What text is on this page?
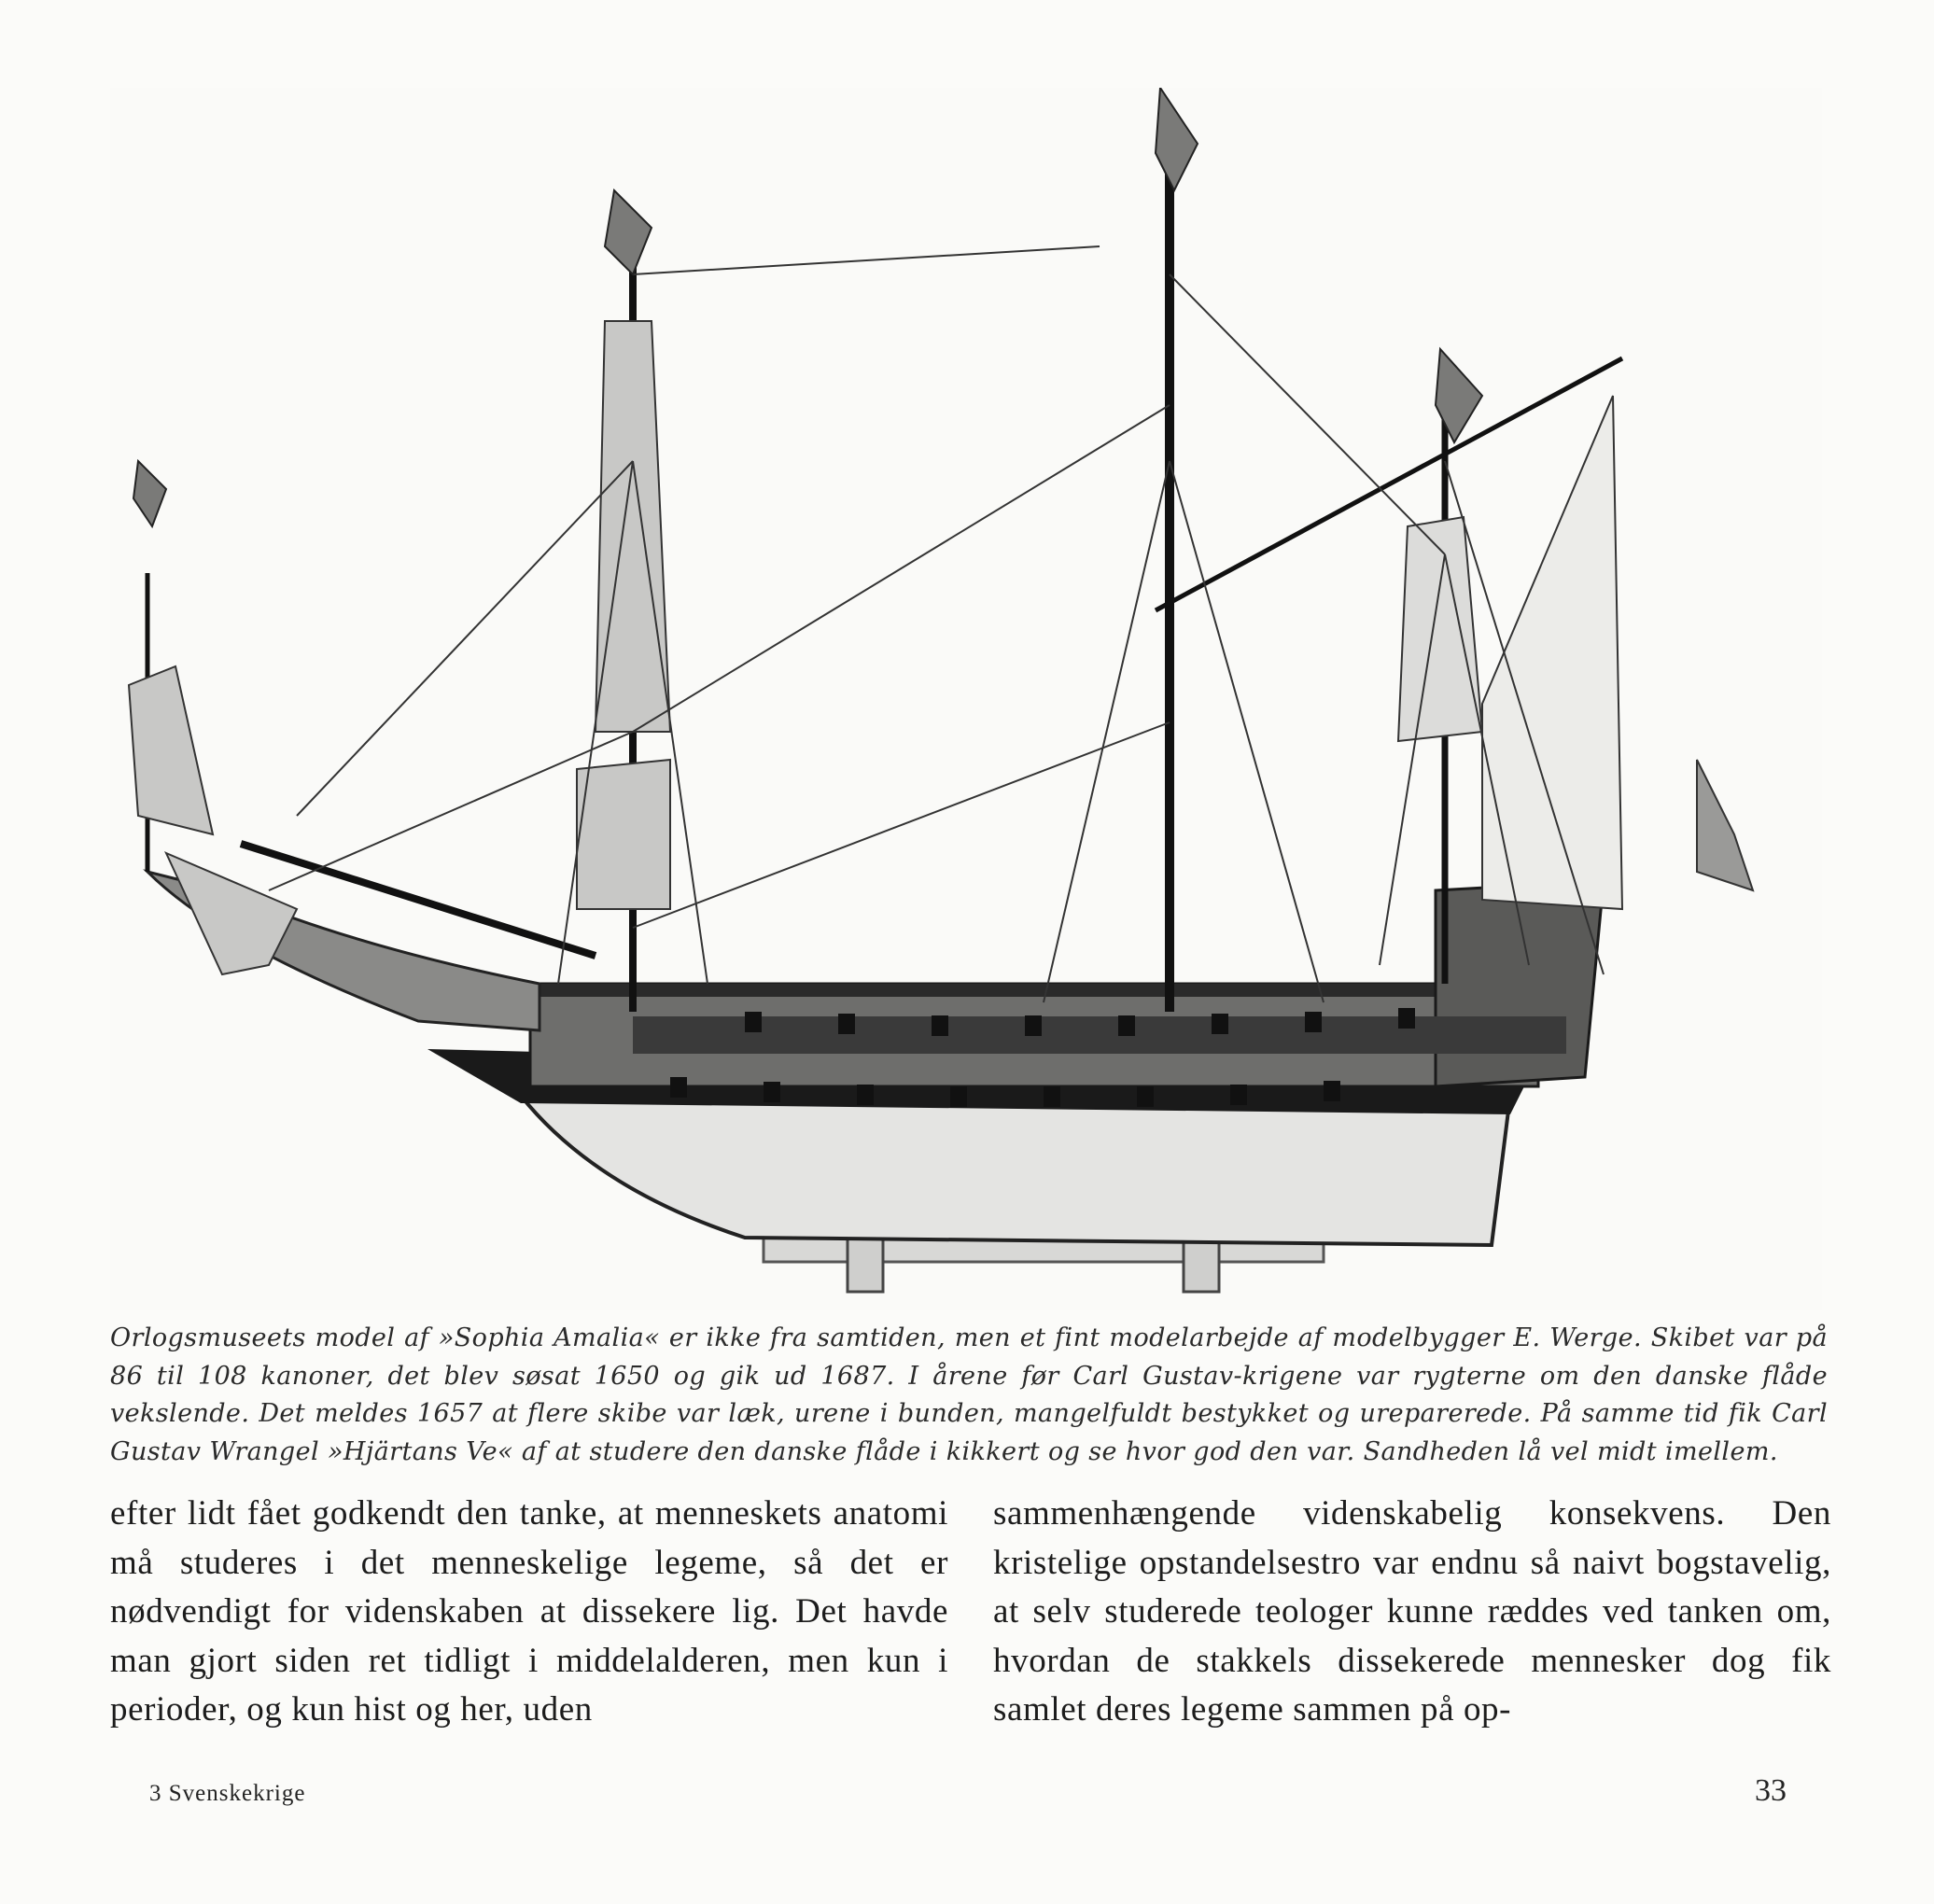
Orlogsmuseets model af »Sophia Amalia« er ikke fra samtiden, men et fint modelarbejde af modelbygger E. Werge. Skibet var på 86 til 108 kanoner, det blev søsat 1650 og gik ud 1687. I årene før Carl Gustav-krigene var rygterne om den danske flåde vekslende. Det meldes 1657 at flere skibe var læk, urene i bunden, mangelfuldt bestykket og ureparerede. På samme tid fik Carl Gustav Wrangel »Hjärtans Ve« af at studere den danske flåde i kikkert og se hvor god den var. Sandheden lå vel midt imellem.
efter lidt fået godkendt den tanke, at menneskets anatomi må studeres i det menneskelige legeme, så det er nødvendigt for videnskaben at dissekere lig. Det havde man gjort siden ret tidligt i middelalderen, men kun i perioder, og kun hist og her, uden
sammenhængende videnskabelig konsekvens. Den kristelige opstandelsestro var endnu så naivt bogstavelig, at selv studerede teologer kunne ræddes ved tanken om, hvordan de stakkels dissekerede mennesker dog fik samlet deres legeme sammen på op-
3 Svenskekrige	33
